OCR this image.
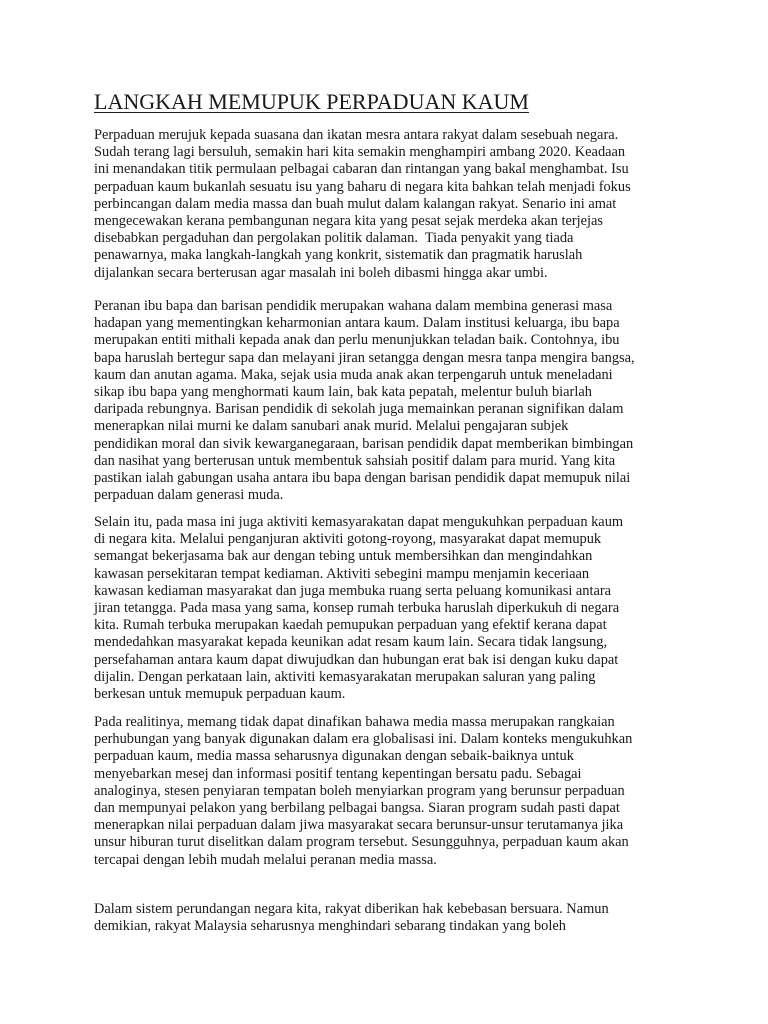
LANGKAH MEMUPUK PERPADUAN KAUM

Perpaduan merujuk kepada suasana dan ikatan mesra antara rakyat dalam sesebuah negara.
Sudah terang lagi bersuluh, semakin hari kita semakin menghampiri ambang 2020. Keadaan
ini menandakan titik permulaan pelbagai cabaran dan rintangan yang bakal menghambat. Isu
perpaduan kaum bukanlah sesuatu isu yang baharu di negara kita bahkan telah menjadi fokus
perbincangan dalam media massa dan buah mulut dalam kalangan rakyat. Senario ini amat
mengecewakan kerana pembangunan negara kita yang pesat sejak merdeka akan terjejas
disebabkan pergaduhan dan pergolakan politik dalaman.  Tiada penyakit yang tiada
penawarnya, maka langkah-langkah yang konkrit, sistematik dan pragmatik haruslah
dijalankan secara berterusan agar masalah ini boleh dibasmi hingga akar umbi.

Peranan ibu bapa dan barisan pendidik merupakan wahana dalam membina generasi masa
hadapan yang mementingkan keharmonian antara kaum. Dalam institusi keluarga, ibu bapa
merupakan entiti mithali kepada anak dan perlu menunjukkan teladan baik. Contohnya, ibu
bapa haruslah bertegur sapa dan melayani jiran setangga dengan mesra tanpa mengira bangsa,
kaum dan anutan agama. Maka, sejak usia muda anak akan terpengaruh untuk meneladani
sikap ibu bapa yang menghormati kaum lain, bak kata pepatah, melentur buluh biarlah
daripada rebungnya. Barisan pendidik di sekolah juga memainkan peranan signifikan dalam
menerapkan nilai murni ke dalam sanubari anak murid. Melalui pengajaran subjek
pendidikan moral dan sivik kewarganegaraan, barisan pendidik dapat memberikan bimbingan
dan nasihat yang berterusan untuk membentuk sahsiah positif dalam para murid. Yang kita
pastikan ialah gabungan usaha antara ibu bapa dengan barisan pendidik dapat memupuk nilai
perpaduan dalam generasi muda.

Selain itu, pada masa ini juga aktiviti kemasyarakatan dapat mengukuhkan perpaduan kaum
di negara kita. Melalui penganjuran aktiviti gotong-royong, masyarakat dapat memupuk
semangat bekerjasama bak aur dengan tebing untuk membersihkan dan mengindahkan
kawasan persekitaran tempat kediaman. Aktiviti sebegini mampu menjamin keceriaan
kawasan kediaman masyarakat dan juga membuka ruang serta peluang komunikasi antara
jiran tetangga. Pada masa yang sama, konsep rumah terbuka haruslah diperkukuh di negara
kita. Rumah terbuka merupakan kaedah pemupukan perpaduan yang efektif kerana dapat
mendedahkan masyarakat kepada keunikan adat resam kaum lain. Secara tidak langsung,
persefahaman antara kaum dapat diwujudkan dan hubungan erat bak isi dengan kuku dapat
dijalin. Dengan perkataan lain, aktiviti kemasyarakatan merupakan saluran yang paling
berkesan untuk memupuk perpaduan kaum.

Pada realitinya, memang tidak dapat dinafikan bahawa media massa merupakan rangkaian
perhubungan yang banyak digunakan dalam era globalisasi ini. Dalam konteks mengukuhkan
perpaduan kaum, media massa seharusnya digunakan dengan sebaik-baiknya untuk
menyebarkan mesej dan informasi positif tentang kepentingan bersatu padu. Sebagai
analoginya, stesen penyiaran tempatan boleh menyiarkan program yang berunsur perpaduan
dan mempunyai pelakon yang berbilang pelbagai bangsa. Siaran program sudah pasti dapat
menerapkan nilai perpaduan dalam jiwa masyarakat secara berunsur-unsur terutamanya jika
unsur hiburan turut diselitkan dalam program tersebut. Sesungguhnya, perpaduan kaum akan
tercapai dengan lebih mudah melalui peranan media massa.

Dalam sistem perundangan negara kita, rakyat diberikan hak kebebasan bersuara. Namun
demikian, rakyat Malaysia seharusnya menghindari sebarang tindakan yang boleh
